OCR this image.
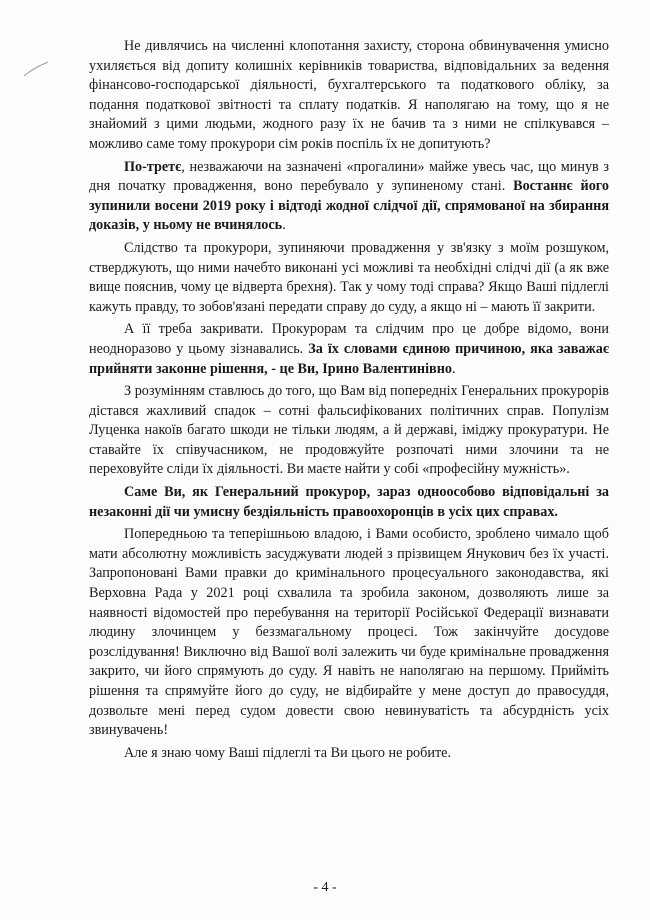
Не дивлячись на численні клопотання захисту, сторона обвинувачення умисно ухиляється від допиту колишніх керівників товариства, відповідальних за ведення фінансово-господарської діяльності, бухгалтерського та податкового обліку, за подання податкової звітності та сплату податків. Я наполягаю на тому, що я не знайомий з цими людьми, жодного разу їх не бачив та з ними не спілкувався – можливо саме тому прокурори сім років поспіль їх не допитують?

По-третє, незважаючи на зазначені «прогалини» майже увесь час, що минув з дня початку провадження, воно перебувало у зупиненому стані. Востаннє його зупинили восени 2019 року і відтоді жодної слідчої дії, спрямованої на збирання доказів, у ньому не вчинялось.

Слідство та прокурори, зупиняючи провадження у зв'язку з моїм розшуком, стверджують, що ними начебто виконані усі можливі та необхідні слідчі дії (а як вже вище пояснив, чому це відверта брехня). Так у чому тоді справа? Якщо Ваші підлеглі кажуть правду, то зобов'язані передати справу до суду, а якщо ні – мають її закрити.

А її треба закривати. Прокурорам та слідчим про це добре відомо, вони неодноразово у цьому зізнавались. За їх словами єдиною причиною, яка заважає прийняти законне рішення, - це Ви, Ірино Валентинівно.

З розумінням ставлюсь до того, що Вам від попередніх Генеральних прокурорів дістався жахливий спадок – сотні фальсифікованих політичних справ. Популізм Луценка накоїв багато шкоди не тільки людям, а й державі, іміджу прокуратури. Не ставайте їх співучасником, не продовжуйте розпочаті ними злочини та не переховуйте сліди їх діяльності. Ви маєте найти у собі «професійну мужність».

Саме Ви, як Генеральний прокурор, зараз одноособово відповідальні за незаконні дії чи умисну бездіяльність правоохоронців в усіх цих справах.

Попередньою та теперішньою владою, і Вами особисто, зроблено чимало щоб мати абсолютну можливість засуджувати людей з прізвищем Янукович без їх участі. Запропоновані Вами правки до кримінального процесуального законодавства, які Верховна Рада у 2021 році схвалила та зробила законом, дозволяють лише за наявності відомостей про перебування на території Російської Федерації визнавати людину злочинцем у беззмагальному процесі. Тож закінчуйте досудове розслідування! Виключно від Вашої волі залежить чи буде кримінальне провадження закрито, чи його спрямують до суду. Я навіть не наполягаю на першому. Прийміть рішення та спрямуйте його до суду, не відбирайте у мене доступ до правосуддя, дозвольте мені перед судом довести свою невинуватість та абсурдність усіх звинувачень!

Але я знаю чому Ваші підлеглі та Ви цього не робите.

- 4 -
